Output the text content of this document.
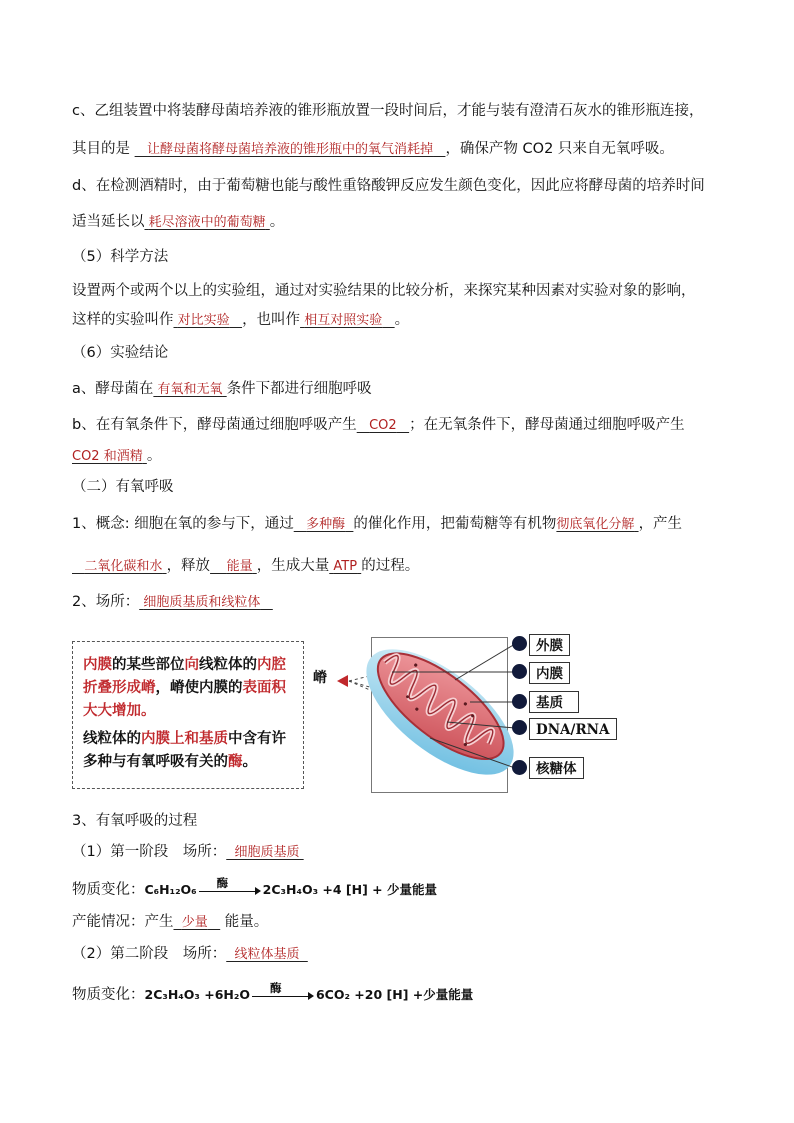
c、乙组装置中将装酵母菌培养液的锥形瓶放置一段时间后，才能与装有澄清石灰水的锥形瓶连接，
其目的是 让酵母菌将酵母菌培养液的锥形瓶中的氧气消耗掉 ，确保产物 CO2 只来自无氧呼吸。
d、在检测酒精时，由于葡萄糖也能与酸性重铬酸钾反应发生颜色变化，因此应将酵母菌的培养时间
适当延长以 耗尽溶液中的葡萄糖 。
（5）科学方法
设置两个或两个以上的实验组，通过对实验结果的比较分析，来探究某种因素对实验对象的影响，
这样的实验叫作 对比实验 ，也叫作 相互对照实验 。
（6）实验结论
a、酵母菌在 有氧和无氧 条件下都进行细胞呼吸
b、在有氧条件下，酵母菌通过细胞呼吸产生 CO2 ；在无氧条件下，酵母菌通过细胞呼吸产生
CO2 和酒精 。
（二）有氧呼吸
1、概念: 细胞在氧的参与下，通过 多种酶 的催化作用，把葡萄糖等有机物彻底氧化分解 ，产生
二氧化碳和水 ，释放 能量 ，生成大量 ATP 的过程。
2、场所： 细胞质基质和线粒体

内膜的某些部位向线粒体的内腔折叠形成嵴，嵴使内膜的表面积大大增加。

线粒体的内膜上和基质中含有许多种与有氧呼吸有关的酶。

嵴
外膜
内膜
基质
DNA/RNA
核糖体
3、有氧呼吸的过程
（1）第一阶段　场所： 细胞质基质
物质变化：C₆H₁₂O₆ 酶	2C₃H₄O₃ +4 [H] + 少量能量
产能情况：产生 少量 能量。
（2）第二阶段　场所： 线粒体基质
物质变化：2C₃H₄O₃ +6H₂O 酶	6CO₂ +20 [H] +少量能量
